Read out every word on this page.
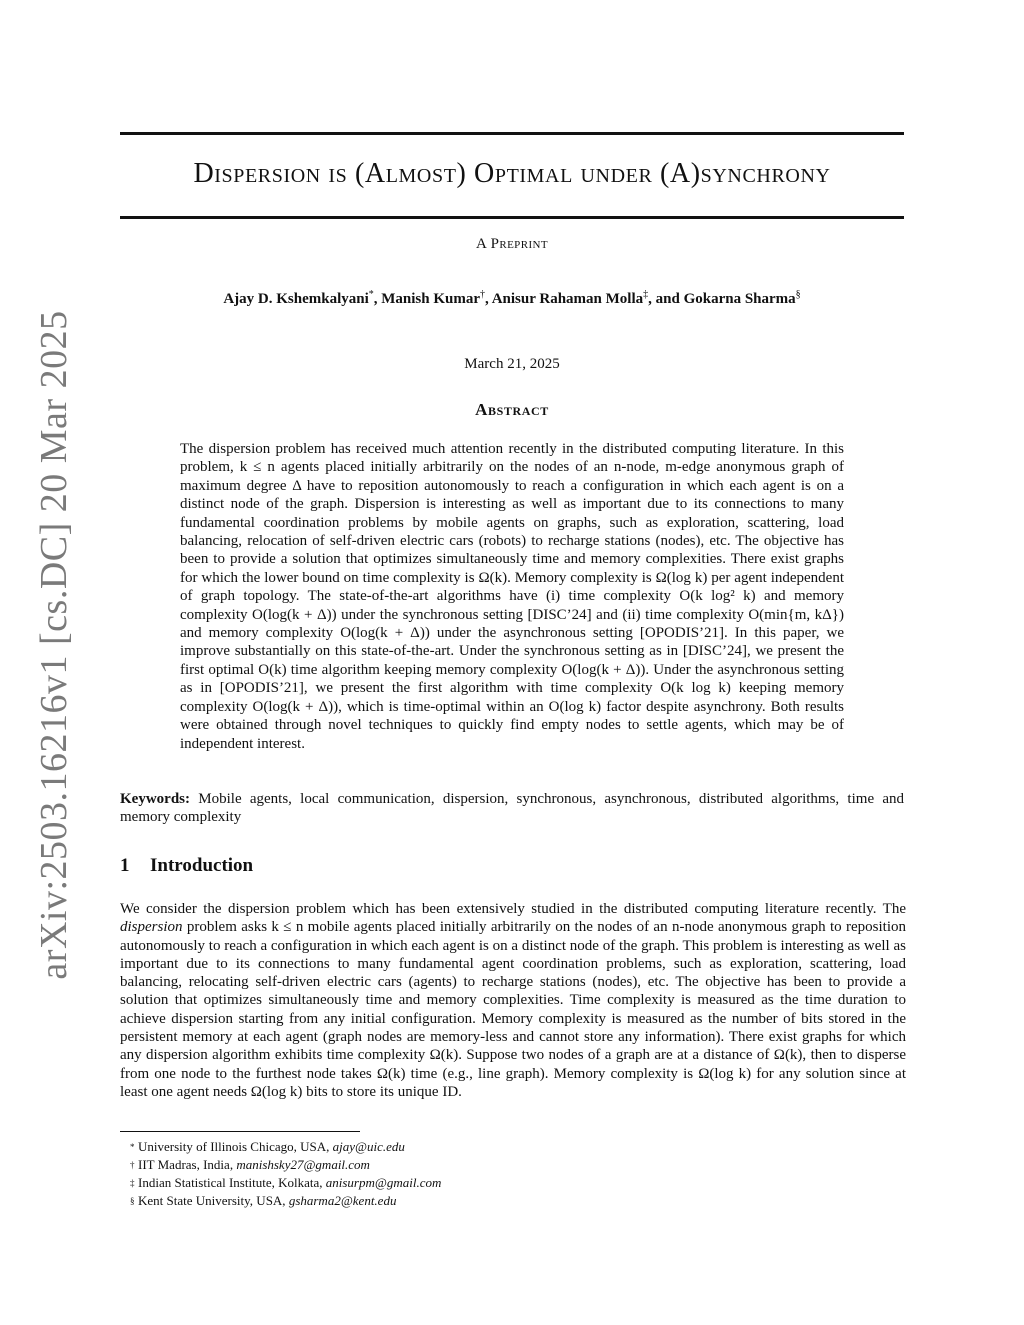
arXiv:2503.16216v1 [cs.DC] 20 Mar 2025
Dispersion is (Almost) Optimal under (A)synchrony
A Preprint
Ajay D. Kshemkalyani*, Manish Kumar†, Anisur Rahaman Molla‡, and Gokarna Sharma§
March 21, 2025
Abstract

The dispersion problem has received much attention recently in the distributed computing literature. In this problem, k ≤ n agents placed initially arbitrarily on the nodes of an n-node, m-edge anonymous graph of maximum degree Δ have to reposition autonomously to reach a configuration in which each agent is on a distinct node of the graph. Dispersion is interesting as well as important due to its connections to many fundamental coordination problems by mobile agents on graphs, such as exploration, scattering, load balancing, relocation of self-driven electric cars (robots) to recharge stations (nodes), etc. The objective has been to provide a solution that optimizes simultaneously time and memory complexities. There exist graphs for which the lower bound on time complexity is Ω(k). Memory complexity is Ω(log k) per agent independent of graph topology. The state-of-the-art algorithms have (i) time complexity O(k log² k) and memory complexity O(log(k + Δ)) under the synchronous setting [DISC’24] and (ii) time complexity O(min{m, kΔ}) and memory complexity O(log(k + Δ)) under the asynchronous setting [OPODIS’21]. In this paper, we improve substantially on this state-of-the-art. Under the synchronous setting as in [DISC’24], we present the first optimal O(k) time algorithm keeping memory complexity O(log(k + Δ)). Under the asynchronous setting as in [OPODIS’21], we present the first algorithm with time complexity O(k log k) keeping memory complexity O(log(k + Δ)), which is time-optimal within an O(log k) factor despite asynchrony. Both results were obtained through novel techniques to quickly find empty nodes to settle agents, which may be of independent interest.

Keywords: Mobile agents, local communication, dispersion, synchronous, asynchronous, distributed algorithms, time and memory complexity

1 Introduction

We consider the dispersion problem which has been extensively studied in the distributed computing literature recently. The dispersion problem asks k ≤ n mobile agents placed initially arbitrarily on the nodes of an n-node anonymous graph to reposition autonomously to reach a configuration in which each agent is on a distinct node of the graph. This problem is interesting as well as important due to its connections to many fundamental agent coordination problems, such as exploration, scattering, load balancing, relocating self-driven electric cars (agents) to recharge stations (nodes), etc. The objective has been to provide a solution that optimizes simultaneously time and memory complexities. Time complexity is measured as the time duration to achieve dispersion starting from any initial configuration. Memory complexity is measured as the number of bits stored in the persistent memory at each agent (graph nodes are memory-less and cannot store any information). There exist graphs for which any dispersion algorithm exhibits time complexity Ω(k). Suppose two nodes of a graph are at a distance of Ω(k), then to disperse from one node to the furthest node takes Ω(k) time (e.g., line graph). Memory complexity is Ω(log k) for any solution since at least one agent needs Ω(log k) bits to store its unique ID.

* University of Illinois Chicago, USA, ajay@uic.edu
† IIT Madras, India, manishsky27@gmail.com
‡ Indian Statistical Institute, Kolkata, anisurpm@gmail.com
§ Kent State University, USA, gsharma2@kent.edu
